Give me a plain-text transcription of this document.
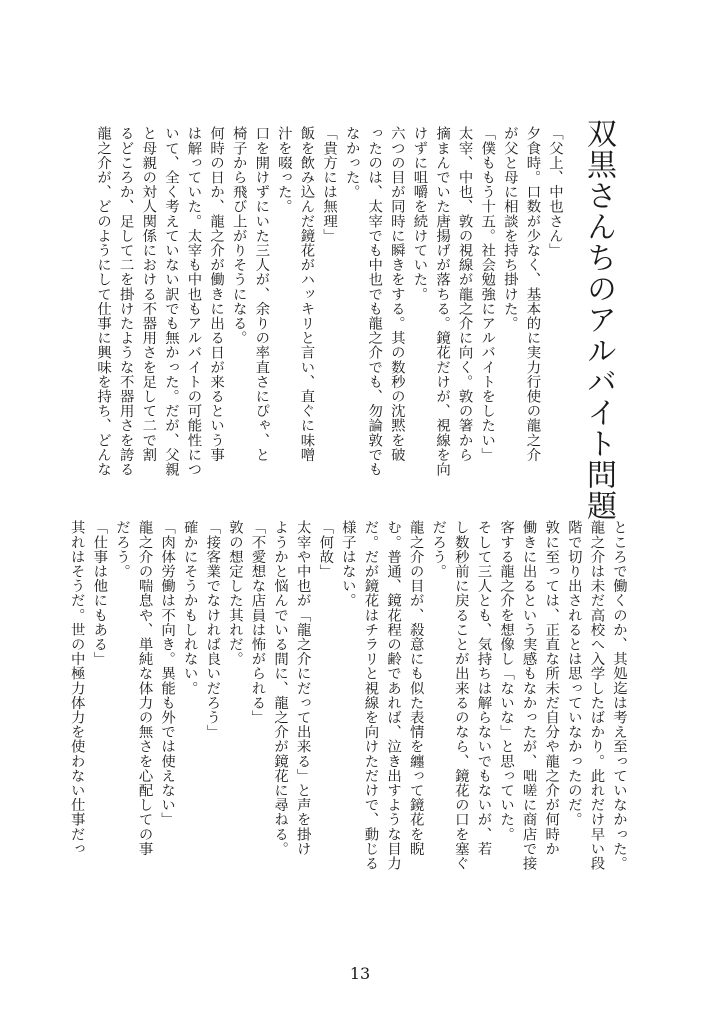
双黒さんちのアルバイト問題
「父上、中也さん」
夕食時。口数が少なく、基本的に実力行使の龍之介
が父と母に相談を持ち掛けた。
「僕ももう十五。社会勉強にアルバイトをしたい」
太宰、中也、敦の視線が龍之介に向く。敦の箸から
摘まんでいた唐揚げが落ちる。鏡花だけが、視線を向
けずに咀嚼を続けていた。
六つの目が同時に瞬きをする。其の数秒の沈黙を破
ったのは、太宰でも中也でも龍之介でも、勿論敦でも
なかった。
「貴方には無理」
飯を飲み込んだ鏡花がハッキリと言い、直ぐに味噌
汁を啜った。
口を開けずにいた三人が、余りの率直さにぴゃ、と
椅子から飛び上がりそうになる。
何時の日か、龍之介が働きに出る日が来るという事
は解っていた。太宰も中也もアルバイトの可能性につ
いて、全く考えていない訳でも無かった。だが、父親
と母親の対人関係における不器用さを足して二で割
るどころか、足して二を掛けたような不器用さを誇る
龍之介が、どのようにして仕事に興味を持ち、どんな
ところで働くのか、其処迄は考え至っていなかった。
龍之介は未だ高校へ入学したばかり。此れだけ早い段
階で切り出されるとは思っていなかったのだ。
敦に至っては、正直な所未だ自分や龍之介が何時か
働きに出るという実感もなかったが、咄嗟に商店で接
客する龍之介を想像し「ないな」と思っていた。
そして三人とも、気持ちは解らないでもないが、若
し数秒前に戻ることが出来るのなら、鏡花の口を塞ぐ
だろう。
龍之介の目が、殺意にも似た表情を纏って鏡花を睨
む。普通、鏡花程の齢であれば、泣き出すような目力
だ。だが鏡花はチラリと視線を向けただけで、動じる
様子はない。
「何故」
太宰や中也が「龍之介にだって出来る」と声を掛け
ようかと悩んでいる間に、龍之介が鏡花に尋ねる。
「不愛想な店員は怖がられる」
敦の想定した其れだ。
「接客業でなければ良いだろう」
確かにそうかもしれない。
「肉体労働は不向き。異能も外では使えない」
龍之介の喘息や、単純な体力の無さを心配しての事
だろう。
「仕事は他にもある」
其れはそうだ。世の中極力体力を使わない仕事だっ
13
